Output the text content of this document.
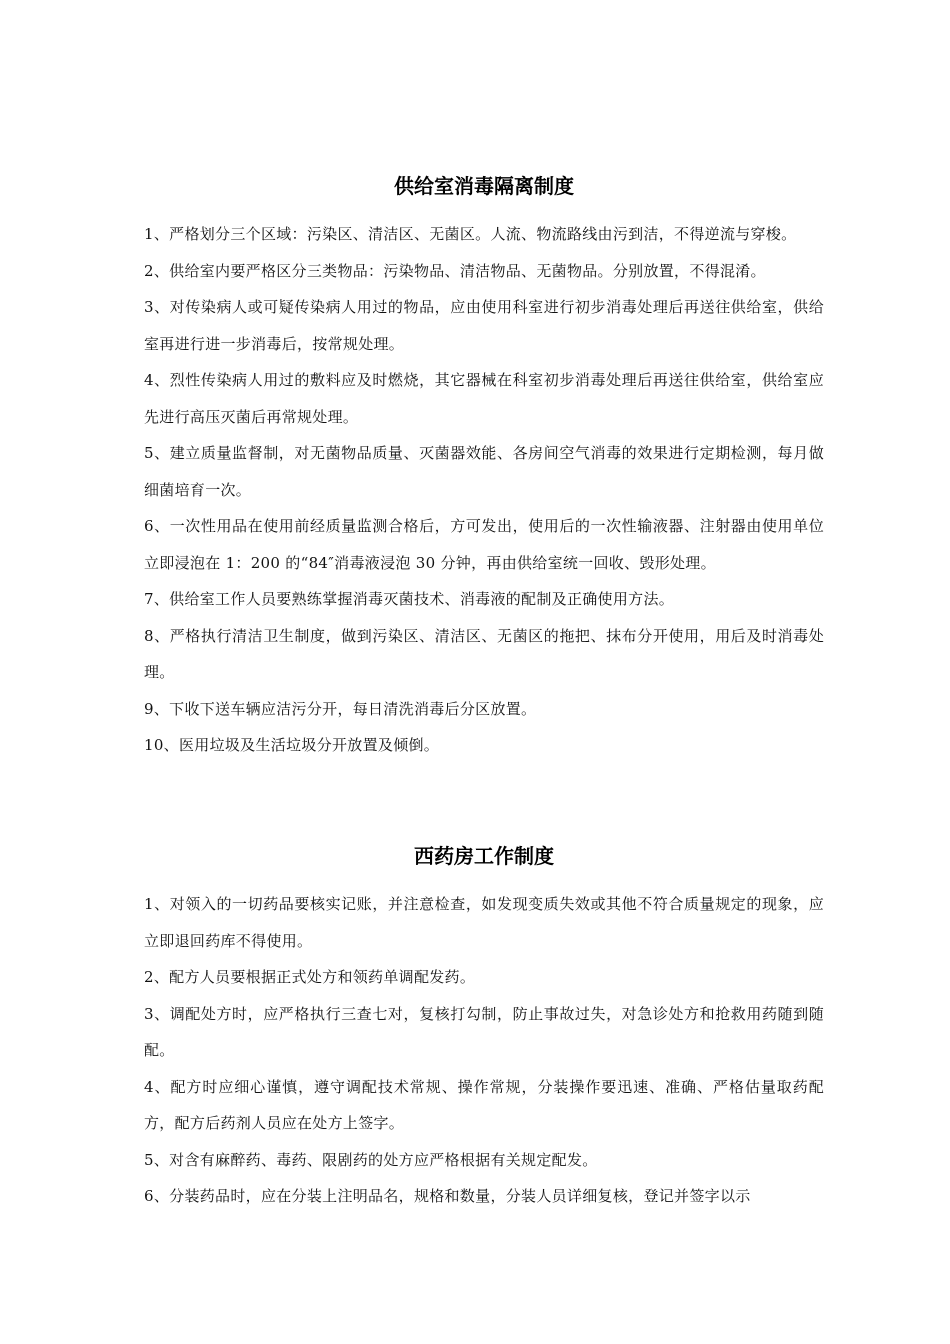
供给室消毒隔离制度

1、严格划分三个区域：污染区、清洁区、无菌区。人流、物流路线由污到洁，不得逆流与穿梭。

2、供给室内要严格区分三类物品：污染物品、清洁物品、无菌物品。分别放置，不得混淆。

3、对传染病人或可疑传染病人用过的物品，应由使用科室进行初步消毒处理后再送往供给室，供给室再进行进一步消毒后，按常规处理。

4、烈性传染病人用过的敷料应及时燃烧，其它器械在科室初步消毒处理后再送往供给室，供给室应先进行高压灭菌后再常规处理。

5、建立质量监督制，对无菌物品质量、灭菌器效能、各房间空气消毒的效果进行定期检测，每月做细菌培育一次。

6、一次性用品在使用前经质量监测合格后，方可发出，使用后的一次性输液器、注射器由使用单位立即浸泡在 1：200 的“84″消毒液浸泡 30 分钟，再由供给室统一回收、毁形处理。

7、供给室工作人员要熟练掌握消毒灭菌技术、消毒液的配制及正确使用方法。

8、严格执行清洁卫生制度，做到污染区、清洁区、无菌区的拖把、抹布分开使用，用后及时消毒处理。

9、下收下送车辆应洁污分开，每日清洗消毒后分区放置。

10、医用垃圾及生活垃圾分开放置及倾倒。

西药房工作制度

1、对领入的一切药品要核实记账，并注意检查，如发现变质失效或其他不符合质量规定的现象，应立即退回药库不得使用。

2、配方人员要根据正式处方和领药单调配发药。

3、调配处方时，应严格执行三查七对，复核打勾制，防止事故过失，对急诊处方和抢救用药随到随配。

4、配方时应细心谨慎，遵守调配技术常规、操作常规，分装操作要迅速、准确、严格估量取药配方，配方后药剂人员应在处方上签字。

5、对含有麻醉药、毒药、限剧药的处方应严格根据有关规定配发。

6、分装药品时，应在分装上注明品名，规格和数量，分装人员详细复核，登记并签字以示
